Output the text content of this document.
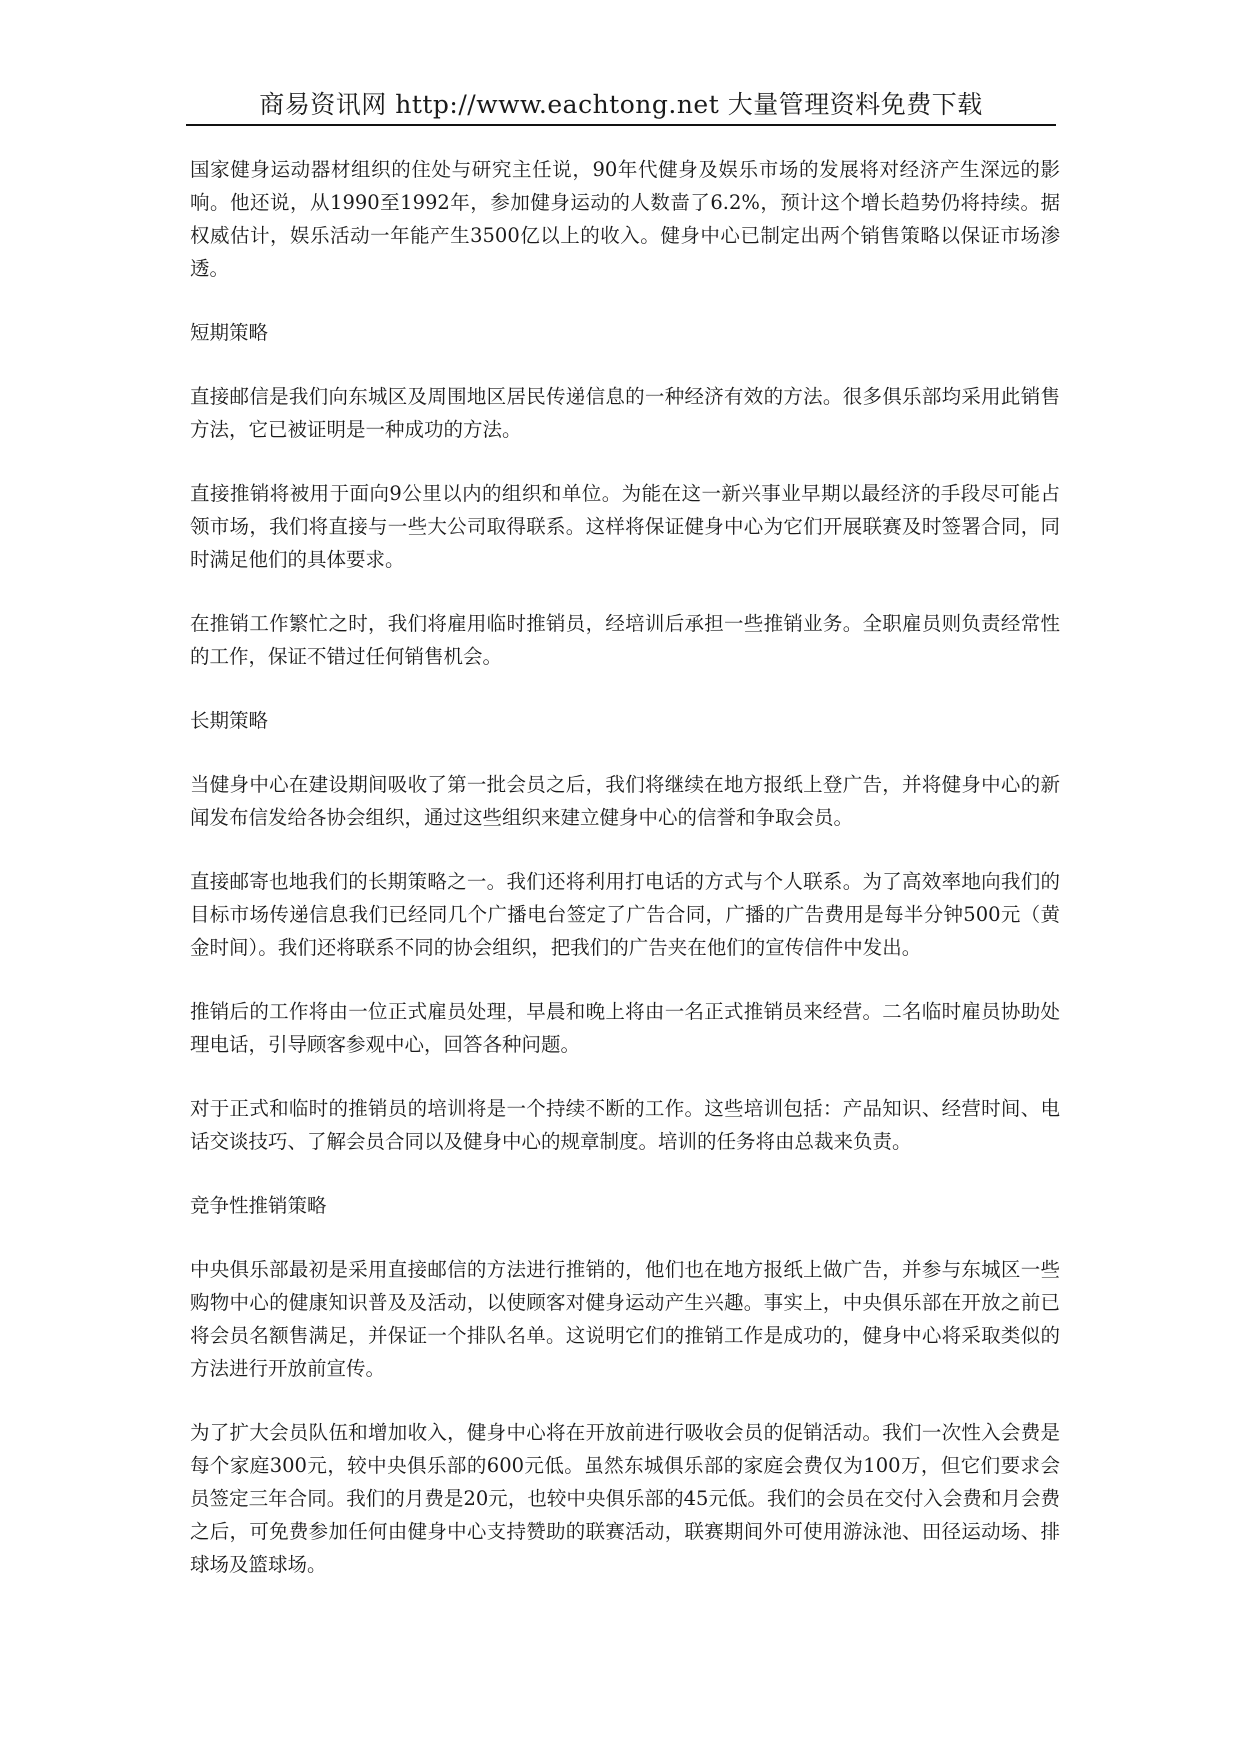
商易资讯网 http://www.eachtong.net 大量管理资料免费下载

国家健身运动器材组织的住处与研究主任说，90年代健身及娱乐市场的发展将对经济产生深远的影响。他还说，从1990至1992年，参加健身运动的人数啬了6.2%，预计这个增长趋势仍将持续。据权威估计，娱乐活动一年能产生3500亿以上的收入。健身中心已制定出两个销售策略以保证市场渗透。

短期策略

直接邮信是我们向东城区及周围地区居民传递信息的一种经济有效的方法。很多俱乐部均采用此销售方法，它已被证明是一种成功的方法。

直接推销将被用于面向9公里以内的组织和单位。为能在这一新兴事业早期以最经济的手段尽可能占领市场，我们将直接与一些大公司取得联系。这样将保证健身中心为它们开展联赛及时签署合同，同时满足他们的具体要求。

在推销工作繁忙之时，我们将雇用临时推销员，经培训后承担一些推销业务。全职雇员则负责经常性的工作，保证不错过任何销售机会。

长期策略

当健身中心在建设期间吸收了第一批会员之后，我们将继续在地方报纸上登广告，并将健身中心的新闻发布信发给各协会组织，通过这些组织来建立健身中心的信誉和争取会员。

直接邮寄也地我们的长期策略之一。我们还将利用打电话的方式与个人联系。为了高效率地向我们的目标市场传递信息我们已经同几个广播电台签定了广告合同，广播的广告费用是每半分钟500元（黄金时间）。我们还将联系不同的协会组织，把我们的广告夹在他们的宣传信件中发出。

推销后的工作将由一位正式雇员处理，早晨和晚上将由一名正式推销员来经营。二名临时雇员协助处理电话，引导顾客参观中心，回答各种问题。

对于正式和临时的推销员的培训将是一个持续不断的工作。这些培训包括：产品知识、经营时间、电话交谈技巧、了解会员合同以及健身中心的规章制度。培训的任务将由总裁来负责。

竞争性推销策略

中央俱乐部最初是采用直接邮信的方法进行推销的，他们也在地方报纸上做广告，并参与东城区一些购物中心的健康知识普及及活动，以使顾客对健身运动产生兴趣。事实上，中央俱乐部在开放之前已将会员名额售满足，并保证一个排队名单。这说明它们的推销工作是成功的，健身中心将采取类似的方法进行开放前宣传。

为了扩大会员队伍和增加收入，健身中心将在开放前进行吸收会员的促销活动。我们一次性入会费是每个家庭300元，较中央俱乐部的600元低。虽然东城俱乐部的家庭会费仅为100万，但它们要求会员签定三年合同。我们的月费是20元，也较中央俱乐部的45元低。我们的会员在交付入会费和月会费之后，可免费参加任何由健身中心支持赞助的联赛活动，联赛期间外可使用游泳池、田径运动场、排球场及篮球场。
